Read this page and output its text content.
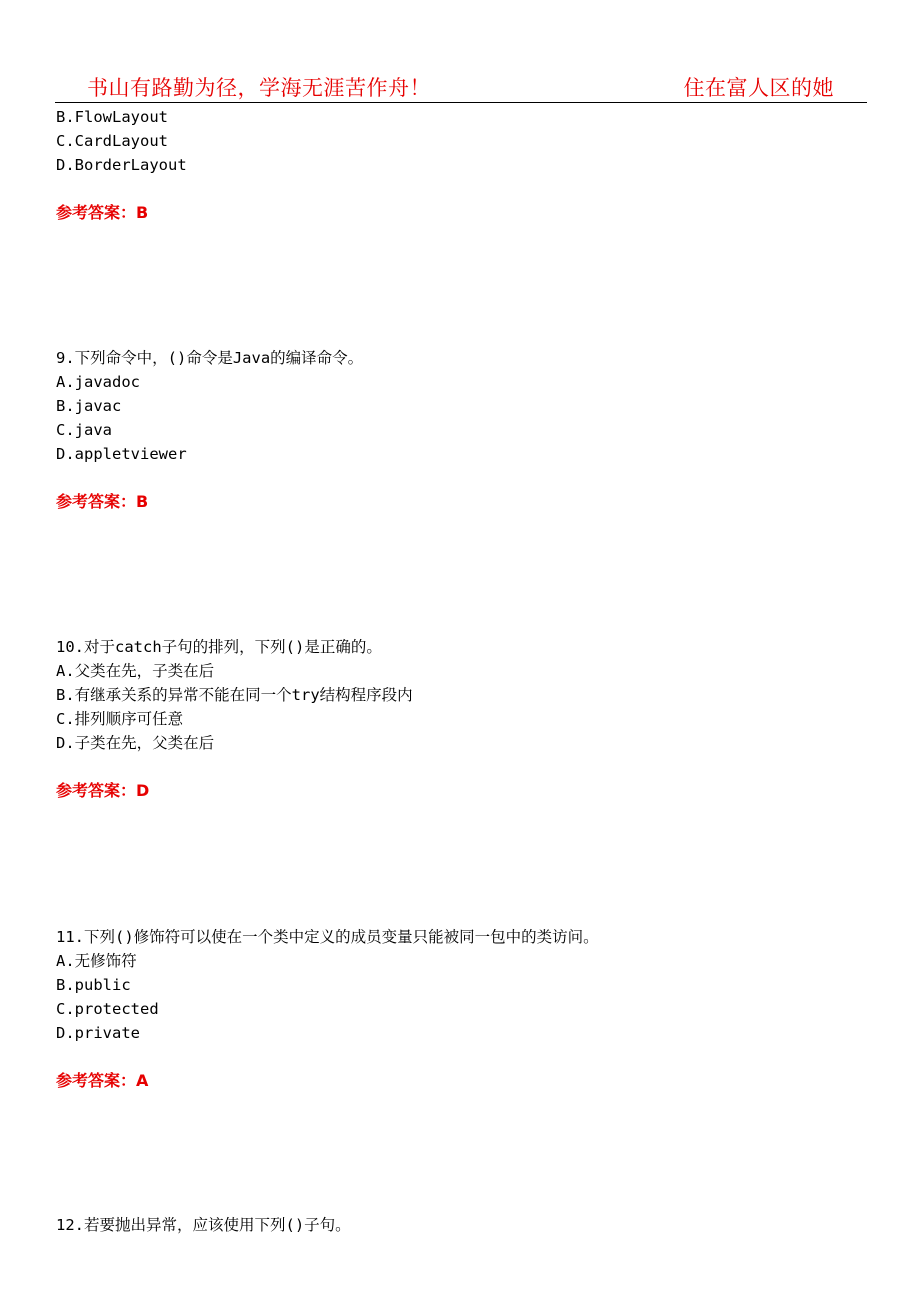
书山有路勤为径，学海无涯苦作舟！	住在富人区的她
B.FlowLayout
C.CardLayout
D.BorderLayout
参考答案：B
9.下列命令中，()命令是Java的编译命令。
A.javadoc
B.javac
C.java
D.appletviewer
参考答案：B
10.对于catch子句的排列，下列()是正确的。
A.父类在先，子类在后
B.有继承关系的异常不能在同一个try结构程序段内
C.排列顺序可任意
D.子类在先，父类在后
参考答案：D
11.下列()修饰符可以使在一个类中定义的成员变量只能被同一包中的类访问。
A.无修饰符
B.public
C.protected
D.private
参考答案：A
12.若要抛出异常，应该使用下列()子句。
